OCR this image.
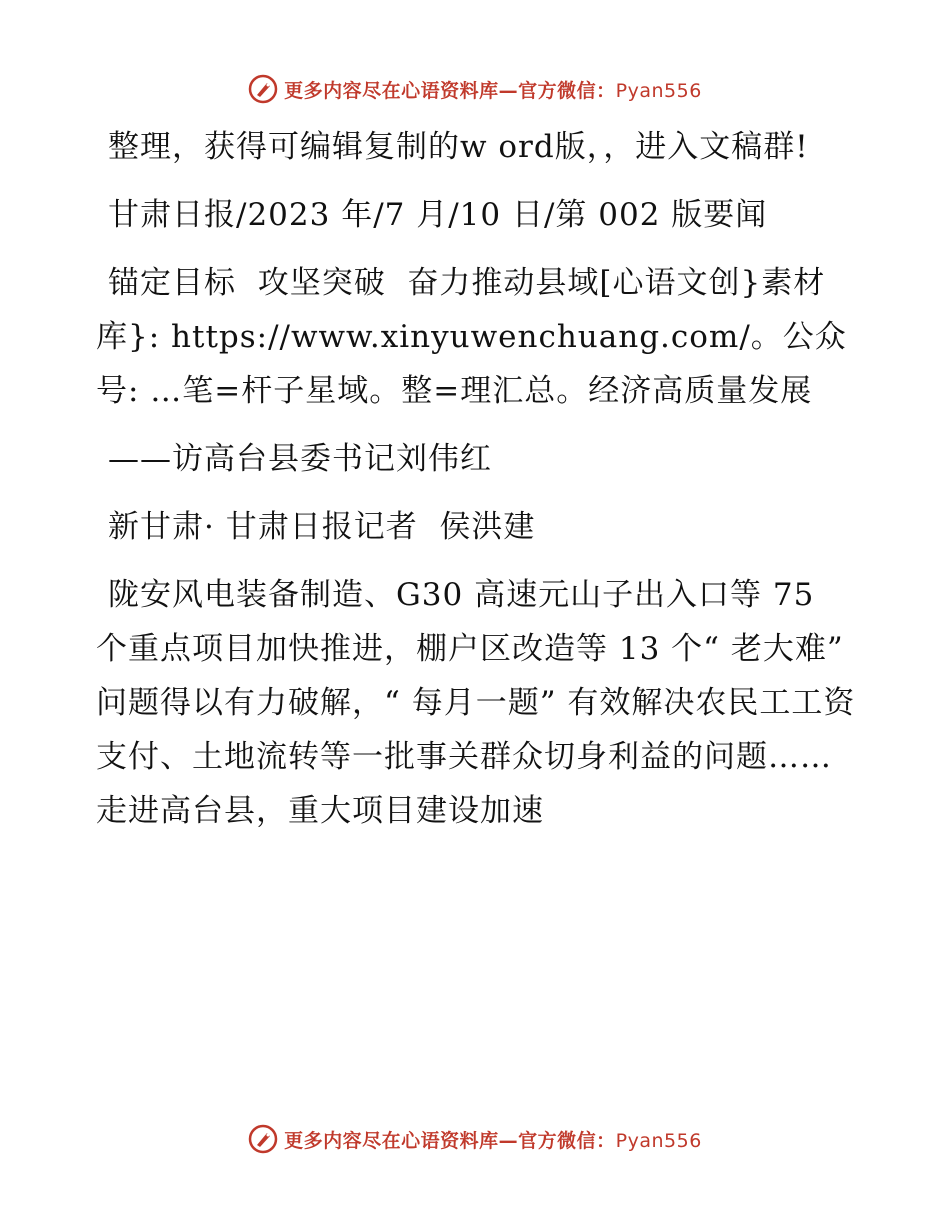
更多内容尽在心语资料库—官方微信：Pyan556

整理，获得可编辑复制的w ord版，，进入文稿群!

甘肃日报/2023 年/7 月/10 日/第 002 版要闻

锚定目标  攻坚突破  奋力推动县域[心语文创}素材库}: https://www.xinyuwenchuang.com/。公众号: …笔=杆子星域。整=理汇总。经济高质量发展

——访高台县委书记刘伟红

新甘肃· 甘肃日报记者  侯洪建

陇安风电装备制造、G30 高速元山子出入口等 75 个重点项目加快推进，棚户区改造等 13 个“ 老大难” 问题得以有力破解，“ 每月一题” 有效解决农民工工资支付、土地流转等一批事关群众切身利益的问题……走进高台县，重大项目建设加速

更多内容尽在心语资料库—官方微信：Pyan556
